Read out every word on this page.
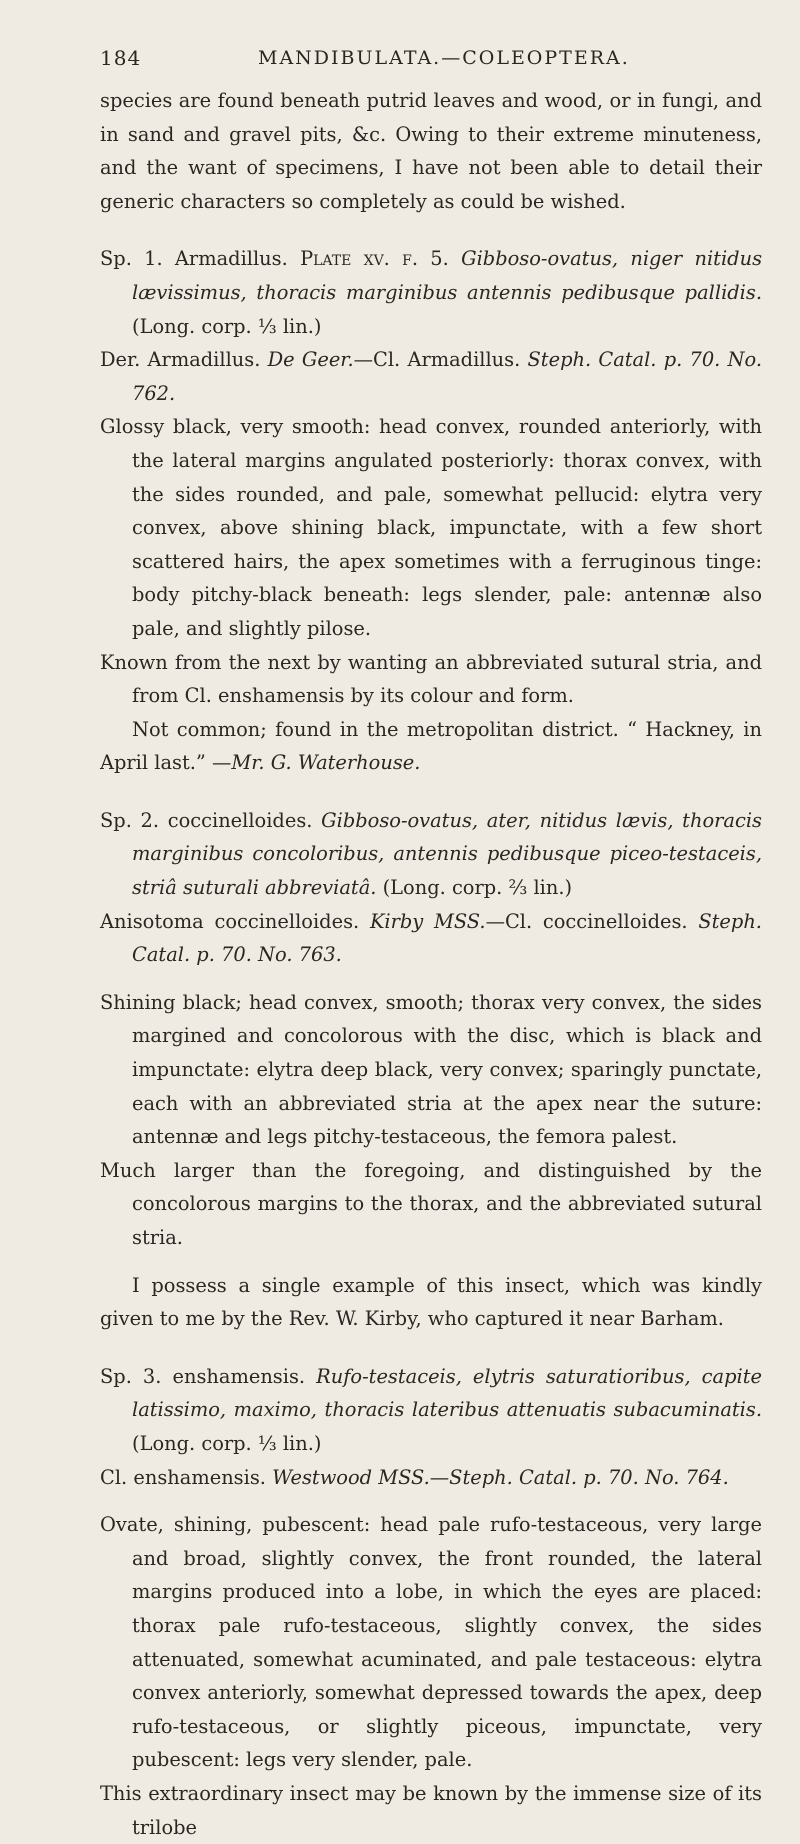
184	MANDIBULATA.—COLEOPTERA.

species are found beneath putrid leaves and wood, or in fungi, and in sand and gravel pits, &c. Owing to their extreme minuteness, and the want of specimens, I have not been able to detail their generic characters so completely as could be wished.

Sp. 1. Armadillus. Plate xv. f. 5. Gibboso-ovatus, niger nitidus lævissimus, thoracis marginibus antennis pedibusque pallidis. (Long. corp. ⅓ lin.)

Der. Armadillus. De Geer.—Cl. Armadillus. Steph. Catal. p. 70. No. 762.

Glossy black, very smooth: head convex, rounded anteriorly, with the lateral margins angulated posteriorly: thorax convex, with the sides rounded, and pale, somewhat pellucid: elytra very convex, above shining black, impunctate, with a few short scattered hairs, the apex sometimes with a ferruginous tinge: body pitchy-black beneath: legs slender, pale: antennæ also pale, and slightly pilose.

Known from the next by wanting an abbreviated sutural stria, and from Cl. enshamensis by its colour and form.

Not common; found in the metropolitan district. “ Hackney, in April last.” —Mr. G. Waterhouse.

Sp. 2. coccinelloides. Gibboso-ovatus, ater, nitidus lævis, thoracis marginibus concoloribus, antennis pedibusque piceo-testaceis, striâ suturali abbreviatâ. (Long. corp. ⅔ lin.)

Anisotoma coccinelloides. Kirby MSS.—Cl. coccinelloides. Steph. Catal. p. 70. No. 763.

Shining black; head convex, smooth; thorax very convex, the sides margined and concolorous with the disc, which is black and impunctate: elytra deep black, very convex; sparingly punctate, each with an abbreviated stria at the apex near the suture: antennæ and legs pitchy-testaceous, the femora palest.

Much larger than the foregoing, and distinguished by the concolorous margins to the thorax, and the abbreviated sutural stria.

I possess a single example of this insect, which was kindly given to me by the Rev. W. Kirby, who captured it near Barham.

Sp. 3. enshamensis. Rufo-testaceis, elytris saturatioribus, capite latissimo, maximo, thoracis lateribus attenuatis subacuminatis. (Long. corp. ⅓ lin.)

Cl. enshamensis. Westwood MSS.—Steph. Catal. p. 70. No. 764.

Ovate, shining, pubescent: head pale rufo-testaceous, very large and broad, slightly convex, the front rounded, the lateral margins produced into a lobe, in which the eyes are placed: thorax pale rufo-testaceous, slightly convex, the sides attenuated, somewhat acuminated, and pale testaceous: elytra convex anteriorly, somewhat depressed towards the apex, deep rufo-testaceous, or slightly piceous, impunctate, very pubescent: legs very slender, pale.

This extraordinary insect may be known by the immense size of its trilobe
